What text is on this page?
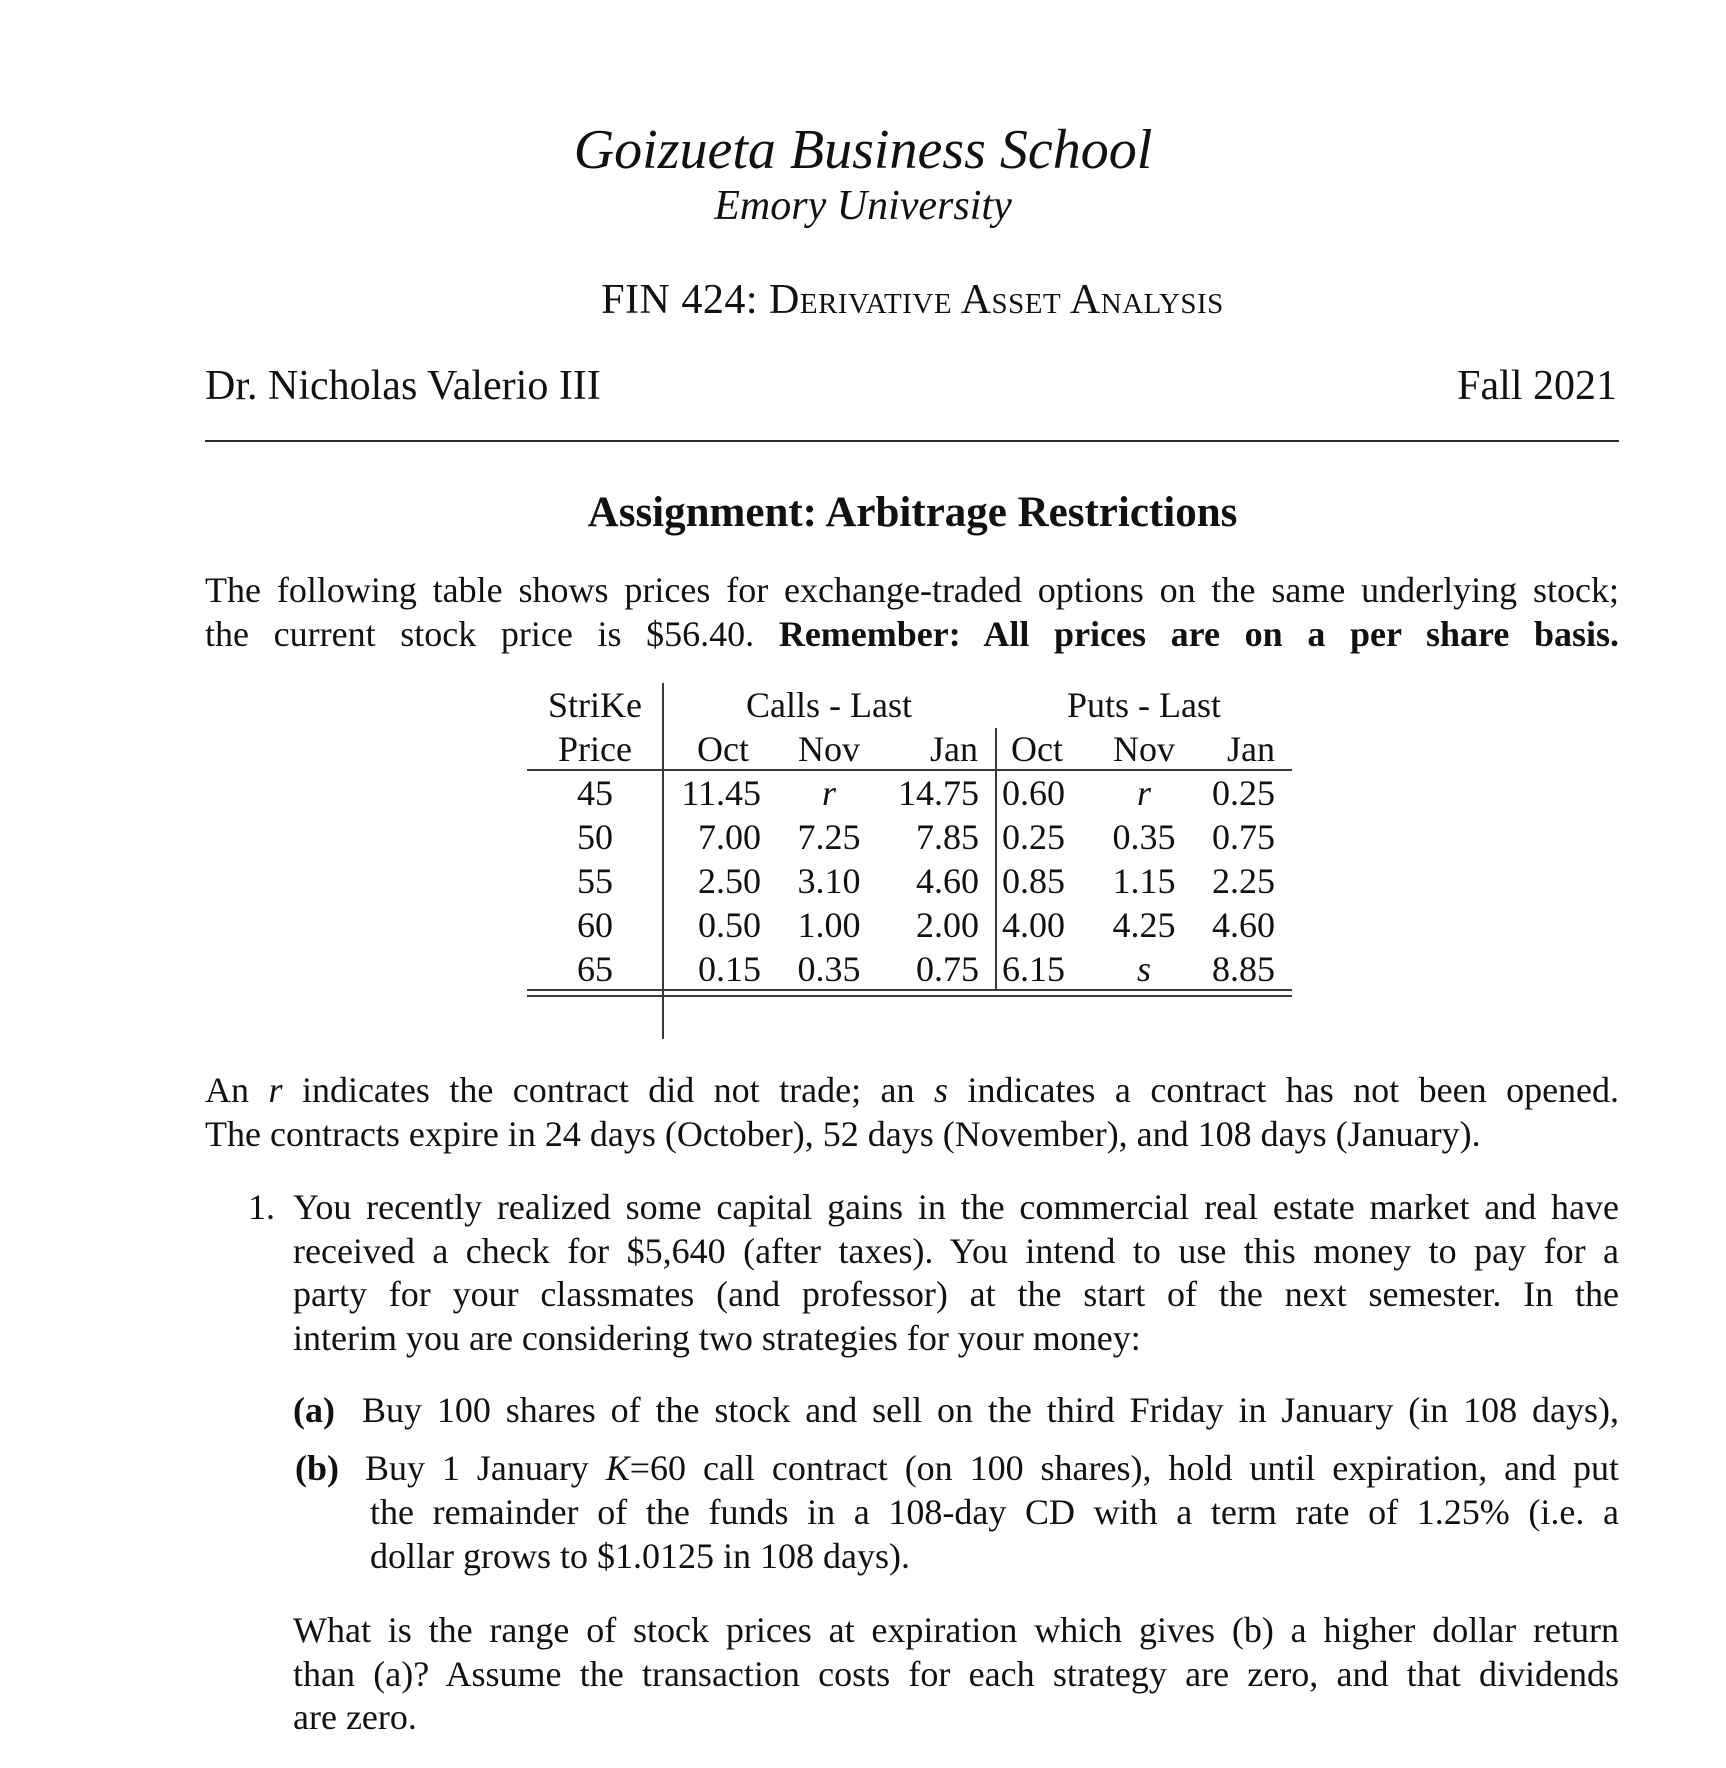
Goizueta Business School
Emory University
FIN 424: Derivative Asset Analysis
Dr. Nicholas Valerio III	Fall 2021
Assignment: Arbitrage Restrictions
The following table shows prices for exchange-traded options on the same underlying stock;
the current stock price is $56.40. Remember: All prices are on a per share basis.
StriKe	Calls - Last	Puts - Last
Price	Oct	Nov	Jan Oct Nov	Jan
45	11.45	r	14.75 0.60	r	0.25
50	7.00 7.25	7.85 0.25 0.35	0.75
55	2.50 3.10	4.60 0.85 1.15	2.25
60	0.50 1.00	2.00 4.00 4.25	4.60
65	0.15 0.35	0.75 6.15	s	8.85
An r indicates the contract did not trade; an s indicates a contract has not been opened.
The contracts expire in 24 days (October), 52 days (November), and 108 days (January).
1. You recently realized some capital gains in the commercial real estate market and have
received a check for $5,640 (after taxes). You intend to use this money to pay for a
party for your classmates (and professor) at the start of the next semester. In the
interim you are considering two strategies for your money:
(a) Buy 100 shares of the stock and sell on the third Friday in January (in 108 days),
(b) Buy 1 January K=60 call contract (on 100 shares), hold until expiration, and put
the remainder of the funds in a 108-day CD with a term rate of 1.25% (i.e. a
dollar grows to $1.0125 in 108 days).
What is the range of stock prices at expiration which gives (b) a higher dollar return
than (a)? Assume the transaction costs for each strategy are zero, and that dividends
are zero.
